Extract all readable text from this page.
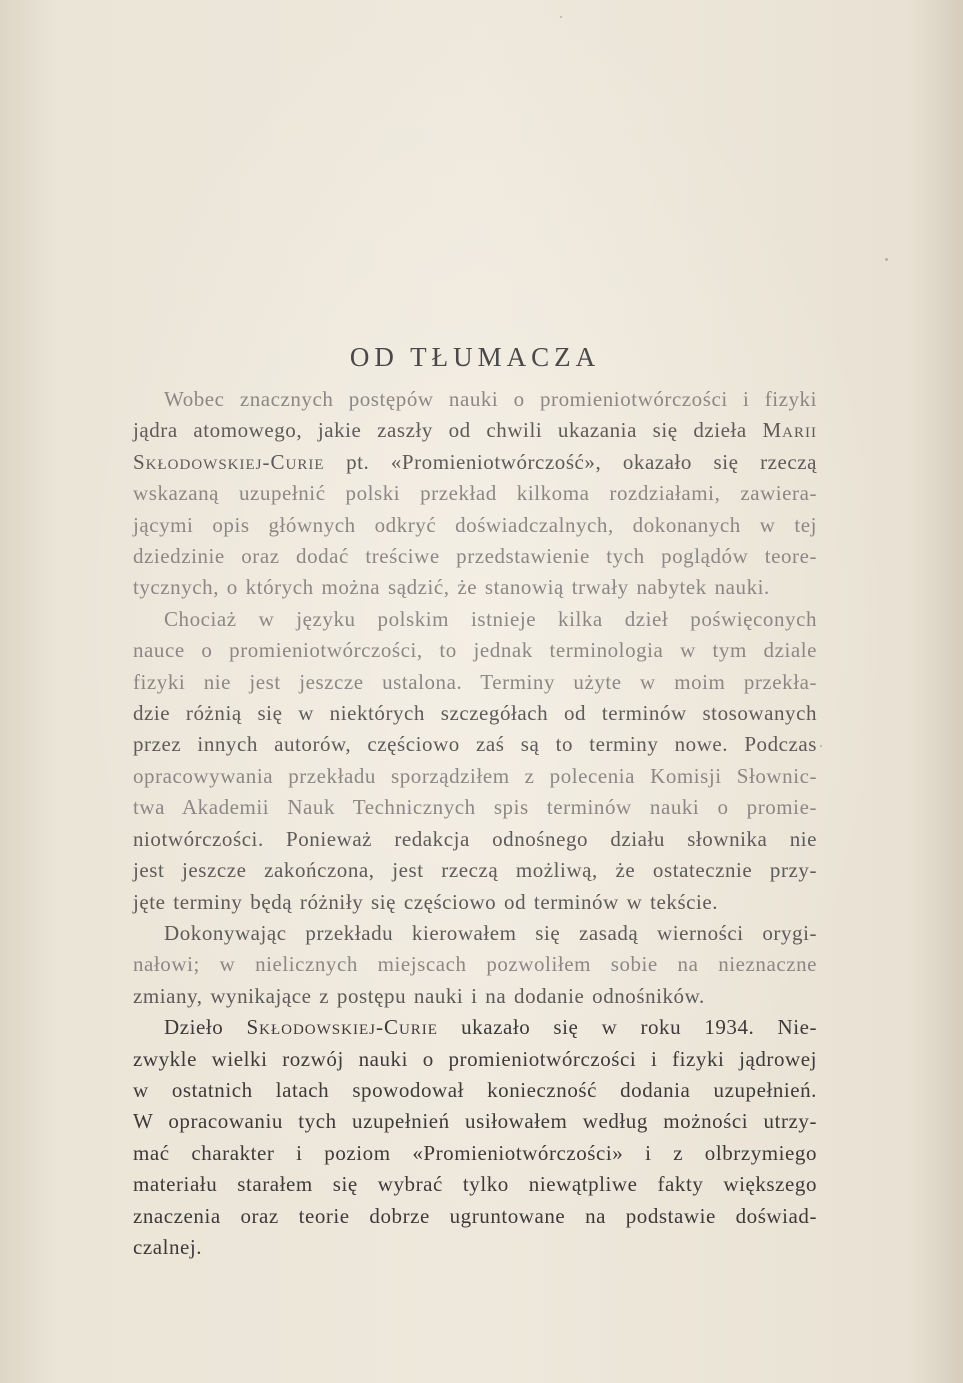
OD TŁUMACZA

Wobec znacznych postępów nauki o promieniotwórczości i fizyki
jądra atomowego, jakie zaszły od chwili ukazania się dzieła Marii
Skłodowskiej-Curie pt. «Promieniotwórczość», okazało się rzeczą
wskazaną uzupełnić polski przekład kilkoma rozdziałami, zawiera-
jącymi opis głównych odkryć doświadczalnych, dokonanych w tej
dziedzinie oraz dodać treściwe przedstawienie tych poglądów teore-
tycznych, o których można sądzić, że stanowią trwały nabytek nauki.

Chociaż w języku polskim istnieje kilka dzieł poświęconych
nauce o promieniotwórczości, to jednak terminologia w tym dziale
fizyki nie jest jeszcze ustalona. Terminy użyte w moim przekła-
dzie różnią się w niektórych szczegółach od terminów stosowanych
przez innych autorów, częściowo zaś są to terminy nowe. Podczas
opracowywania przekładu sporządziłem z polecenia Komisji Słownic-
twa Akademii Nauk Technicznych spis terminów nauki o promie-
niotwórczości. Ponieważ redakcja odnośnego działu słownika nie
jest jeszcze zakończona, jest rzeczą możliwą, że ostatecznie przy-
jęte terminy będą różniły się częściowo od terminów w tekście.

Dokonywając przekładu kierowałem się zasadą wierności orygi-
nałowi; w nielicznych miejscach pozwoliłem sobie na nieznaczne
zmiany, wynikające z postępu nauki i na dodanie odnośników.

Dzieło Skłodowskiej-Curie ukazało się w roku 1934. Nie-
zwykle wielki rozwój nauki o promieniotwórczości i fizyki jądrowej
w ostatnich latach spowodował konieczność dodania uzupełnień.
W opracowaniu tych uzupełnień usiłowałem według możności utrzy-
mać charakter i poziom «Promieniotwórczości» i z olbrzymiego
materiału starałem się wybrać tylko niewątpliwe fakty większego
znaczenia oraz teorie dobrze ugruntowane na podstawie doświad-
czalnej.
